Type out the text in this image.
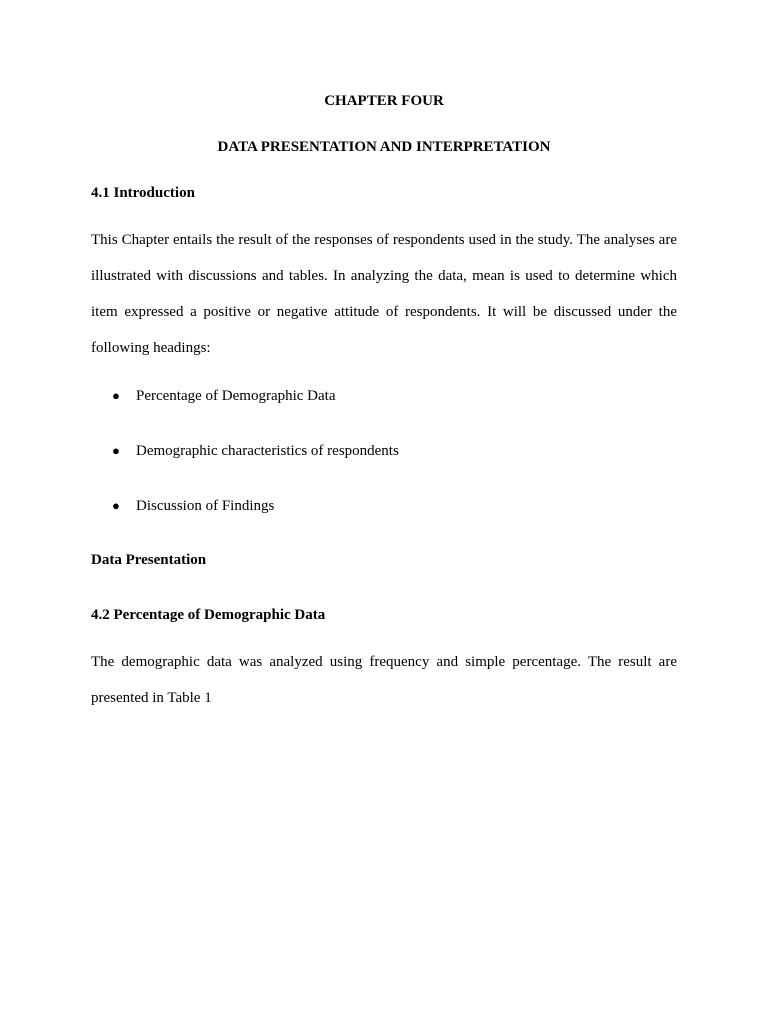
CHAPTER FOUR
DATA PRESENTATION AND INTERPRETATION
4.1 Introduction

This Chapter entails the result of the responses of respondents used in the study. The analyses are illustrated with discussions and tables. In analyzing the data, mean is used to determine which item expressed a positive or negative attitude of respondents. It will be discussed under the following headings:

● Percentage of Demographic Data
● Demographic characteristics of respondents
● Discussion of Findings
Data Presentation
4.2 Percentage of Demographic Data

The demographic data was analyzed using frequency and simple percentage. The result are presented in Table 1
